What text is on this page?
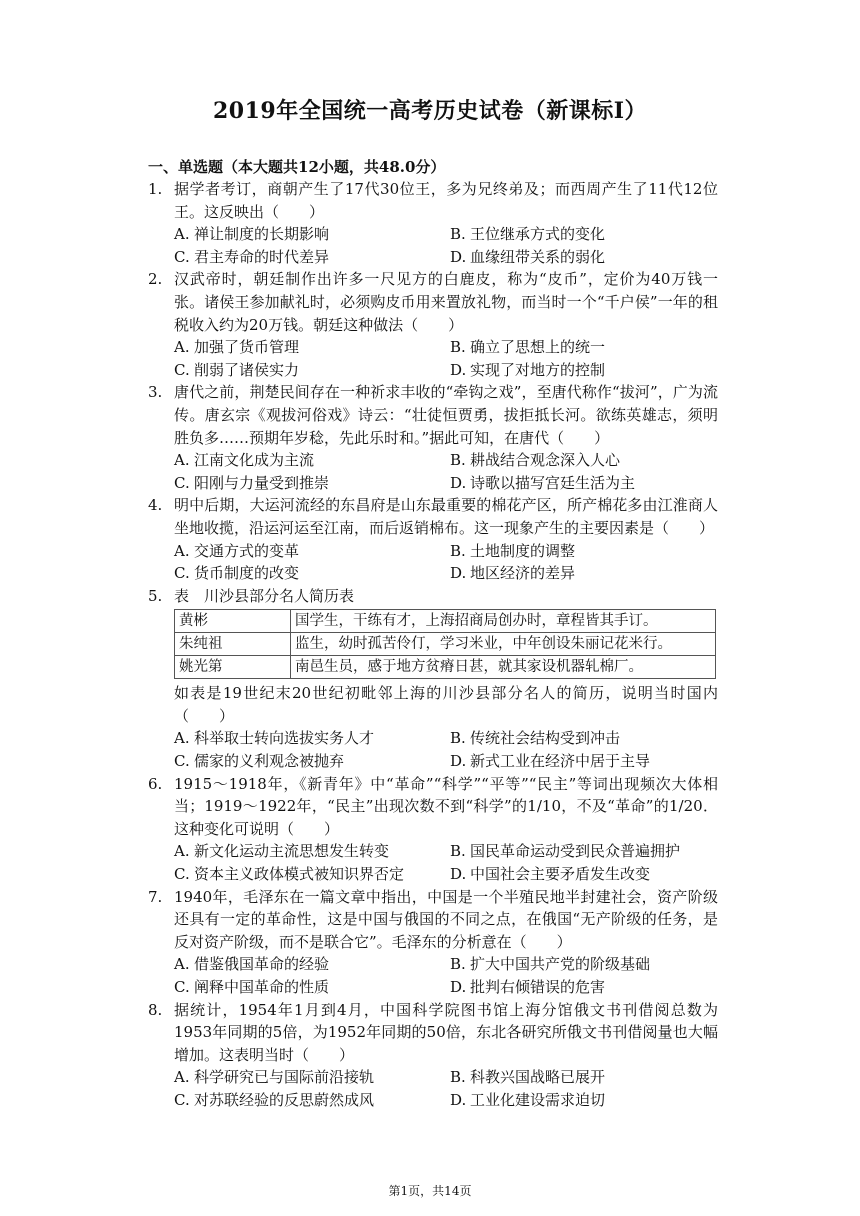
2019年全国统一高考历史试卷（新课标Ⅰ）
一、单选题（本大题共12小题，共48.0分）
1. 据学者考订，商朝产生了17代30位王，多为兄终弟及；而西周产生了11代12位王。这反映出（　　）
A. 禅让制度的长期影响	B. 王位继承方式的变化
C. 君主寿命的时代差异	D. 血缘纽带关系的弱化
2. 汉武帝时，朝廷制作出许多一尺见方的白鹿皮，称为“皮币”，定价为40万钱一张。诸侯王参加献礼时，必须购皮币用来置放礼物，而当时一个“千户侯”一年的租税收入约为20万钱。朝廷这种做法（　　）
A. 加强了货币管理	B. 确立了思想上的统一
C. 削弱了诸侯实力	D. 实现了对地方的控制
3. 唐代之前，荆楚民间存在一种祈求丰收的“牵钩之戏”，至唐代称作“拔河”，广为流传。唐玄宗《观拔河俗戏》诗云：“壮徒恒贾勇，拔拒抵长河。欲练英雄志，须明胜负多……预期年岁稔，先此乐时和。”据此可知，在唐代（　　）
A. 江南文化成为主流	B. 耕战结合观念深入人心
C. 阳刚与力量受到推崇	D. 诗歌以描写宫廷生活为主
4. 明中后期，大运河流经的东昌府是山东最重要的棉花产区，所产棉花多由江淮商人坐地收揽，沿运河运至江南，而后返销棉布。这一现象产生的主要因素是（　　）
A. 交通方式的变革	B. 土地制度的调整
C. 货币制度的改变	D. 地区经济的差异
5. 表　川沙县部分名人简历表
黄彬	国学生，干练有才，上海招商局创办时，章程皆其手订。
朱纯祖	监生，幼时孤苦伶仃，学习米业，中年创设朱丽记花米行。
姚光第	南邑生员，感于地方贫瘠日甚，就其家设机器轧棉厂。
如表是19世纪末20世纪初毗邻上海的川沙县部分名人的简历，说明当时国内（　　）
A. 科举取士转向选拔实务人才	B. 传统社会结构受到冲击
C. 儒家的义利观念被抛弃	D. 新式工业在经济中居于主导
6. 1915～1918年，《新青年》中“革命”“科学”“平等”“民主”等词出现频次大体相当；1919～1922年，“民主”出现次数不到“科学”的1/10，不及“革命”的1/20．这种变化可说明（　　）
A. 新文化运动主流思想发生转变	B. 国民革命运动受到民众普遍拥护
C. 资本主义政体模式被知识界否定	D. 中国社会主要矛盾发生改变
7. 1940年，毛泽东在一篇文章中指出，中国是一个半殖民地半封建社会，资产阶级还具有一定的革命性，这是中国与俄国的不同之点，在俄国“无产阶级的任务，是反对资产阶级，而不是联合它”。毛泽东的分析意在（　　）
A. 借鉴俄国革命的经验	B. 扩大中国共产党的阶级基础
C. 阐释中国革命的性质	D. 批判右倾错误的危害
8. 据统计，1954年1月到4月，中国科学院图书馆上海分馆俄文书刊借阅总数为1953年同期的5倍，为1952年同期的50倍，东北各研究所俄文书刊借阅量也大幅增加。这表明当时（　　）
A. 科学研究已与国际前沿接轨	B. 科教兴国战略已展开
C. 对苏联经验的反思蔚然成风	D. 工业化建设需求迫切
第1页，共14页
